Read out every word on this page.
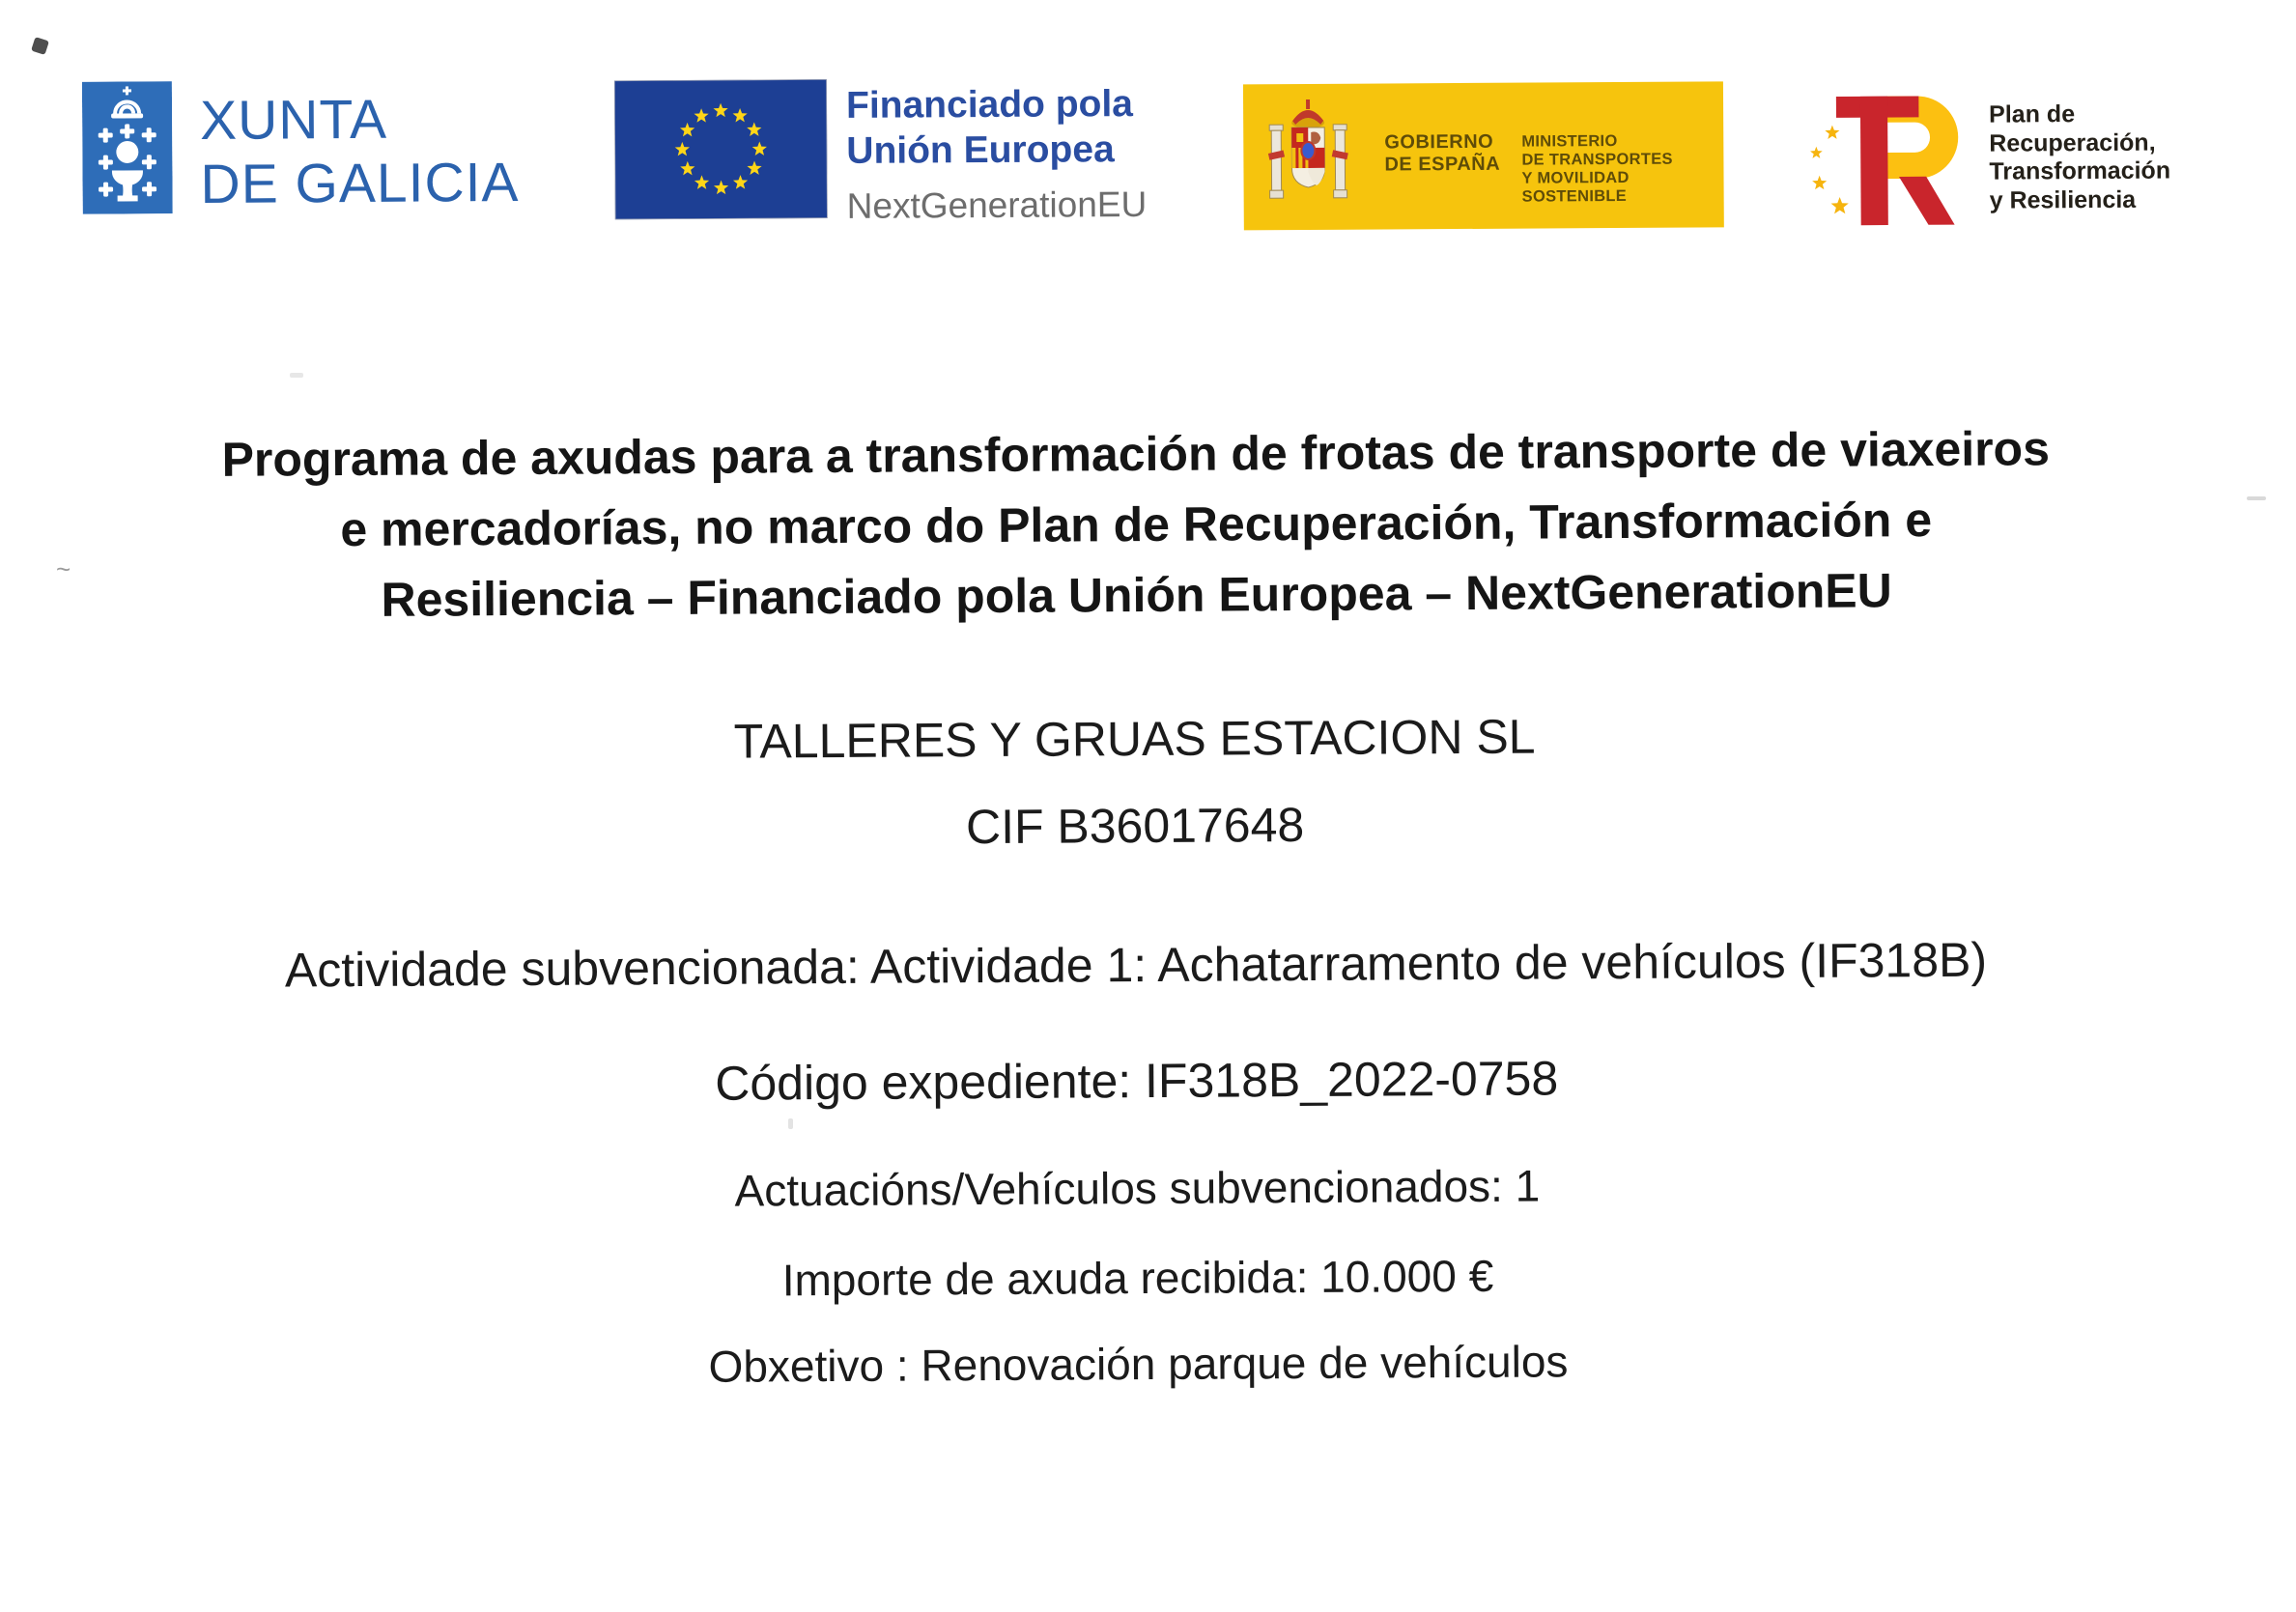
XUNTA
DE GALICIA
Financiado pola
Unión Europea
NextGenerationEU
GOBIERNO
DE ESPAÑA
MINISTERIO
DE TRANSPORTES
Y MOVILIDAD SOSTENIBLE
Plan de
Recuperación,
Transformación
y Resiliencia
Programa de axudas para a transformación de frotas de transporte de viaxeiros
e mercadorías, no marco do Plan de Recuperación, Transformación e
Resiliencia – Financiado pola Unión Europea – NextGenerationEU
TALLERES Y GRUAS ESTACION SL
CIF B36017648
Actividade subvencionada: Actividade 1: Achatarramento de vehículos (IF318B)
Código expediente: IF318B_2022-0758
Actuacións/Vehículos subvencionados: 1
Importe de axuda recibida: 10.000 €
Obxetivo : Renovación parque de vehículos
~
